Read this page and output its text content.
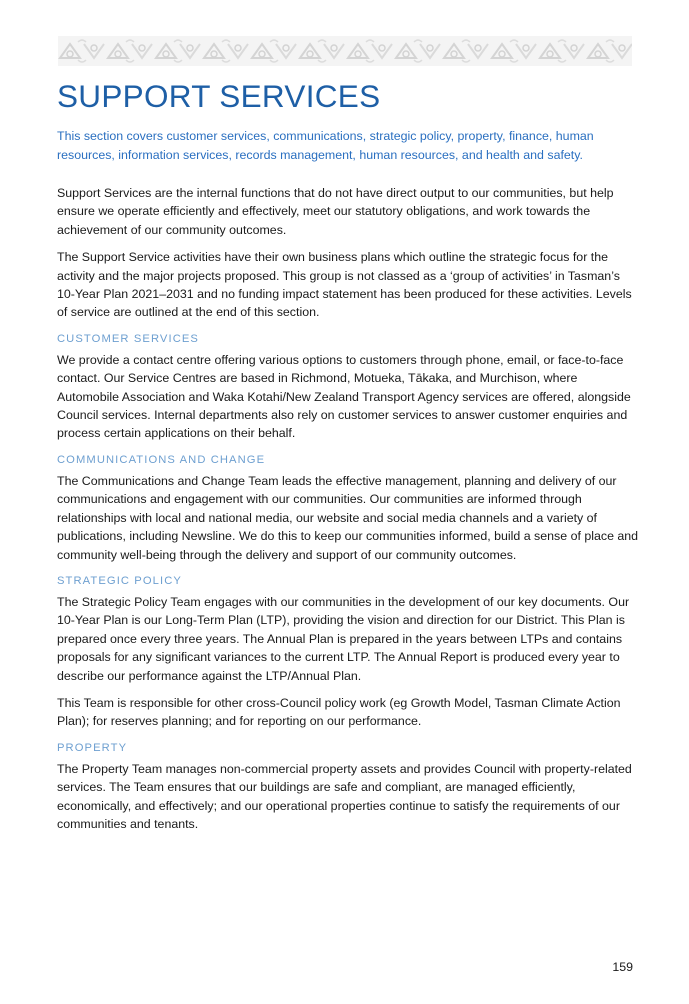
SUPPORT SERVICES

This section covers customer services, communications, strategic policy, property, finance, human resources, information services, records management, human resources, and health and safety.

Support Services are the internal functions that do not have direct output to our communities, but help ensure we operate efficiently and effectively, meet our statutory obligations, and work towards the achievement of our community outcomes.

The Support Service activities have their own business plans which outline the strategic focus for the activity and the major projects proposed. This group is not classed as a ‘group of activities’ in Tasman’s 10-Year Plan 2021–2031 and no funding impact statement has been produced for these activities. Levels of service are outlined at the end of this section.

CUSTOMER SERVICES

We provide a contact centre offering various options to customers through phone, email, or face-to-face contact. Our Service Centres are based in Richmond, Motueka, Tākaka, and Murchison, where Automobile Association and Waka Kotahi/New Zealand Transport Agency services are offered, alongside Council services. Internal departments also rely on customer services to answer customer enquiries and process certain applications on their behalf.

COMMUNICATIONS AND CHANGE

The Communications and Change Team leads the effective management, planning and delivery of our communications and engagement with our communities. Our communities are informed through relationships with local and national media, our website and social media channels and a variety of publications, including Newsline. We do this to keep our communities informed, build a sense of place and community well-being through the delivery and support of our community outcomes.

STRATEGIC POLICY

The Strategic Policy Team engages with our communities in the development of our key documents. Our 10-Year Plan is our Long-Term Plan (LTP), providing the vision and direction for our District. This Plan is prepared once every three years. The Annual Plan is prepared in the years between LTPs and contains proposals for any significant variances to the current LTP. The Annual Report is produced every year to describe our performance against the LTP/Annual Plan.

This Team is responsible for other cross-Council policy work (eg Growth Model, Tasman Climate Action Plan); for reserves planning; and for reporting on our performance.

PROPERTY

The Property Team manages non-commercial property assets and provides Council with property-related services. The Team ensures that our buildings are safe and compliant, are managed efficiently, economically, and effectively; and our operational properties continue to satisfy the requirements of our communities and tenants.

159
